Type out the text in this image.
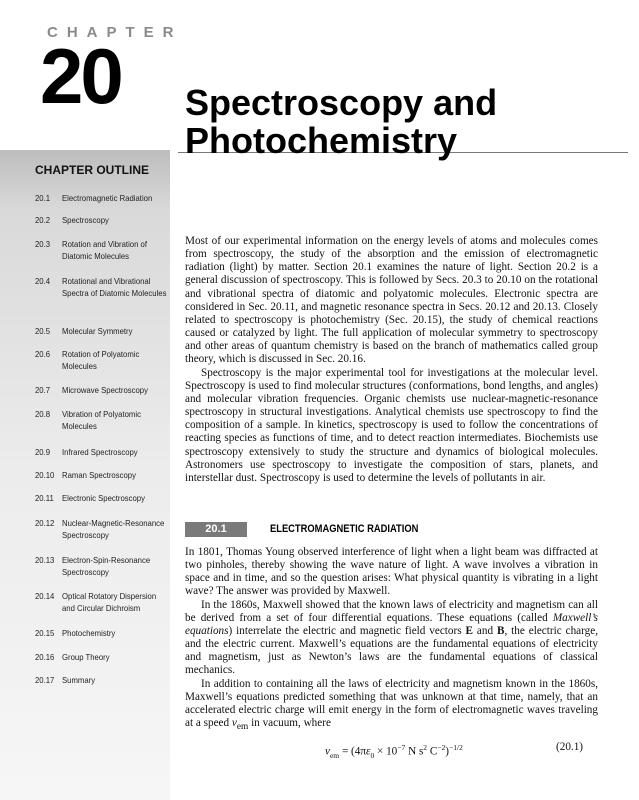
CHAPTER
20 Spectroscopy and
Photochemistry
CHAPTER OUTLINE
20.1 Electromagnetic Radiation
20.2 Spectroscopy
20.3 Rotation and Vibration of Diatomic Molecules
20.4 Rotational and Vibrational Spectra of Diatomic Molecules
20.5 Molecular Symmetry
20.6 Rotation of Polyatomic Molecules
20.7 Microwave Spectroscopy
20.8 Vibration of Polyatomic Molecules
20.9 Infrared Spectroscopy
20.10 Raman Spectroscopy
20.11 Electronic Spectroscopy
20.12 Nuclear-Magnetic-Resonance Spectroscopy
20.13 Electron-Spin-Resonance Spectroscopy
20.14 Optical Rotatory Dispersion and Circular Dichroism
20.15 Photochemistry
20.16 Group Theory
20.17 Summary

Most of our experimental information on the energy levels of atoms and molecules comes from spectroscopy, the study of the absorption and the emission of electromagnetic radiation (light) by matter. Section 20.1 examines the nature of light. Section 20.2 is a general discussion of spectroscopy. This is followed by Secs. 20.3 to 20.10 on the rotational and vibrational spectra of diatomic and polyatomic molecules. Electronic spectra are considered in Sec. 20.11, and magnetic resonance spectra in Secs. 20.12 and 20.13. Closely related to spectroscopy is photochemistry (Sec. 20.15), the study of chemical reactions caused or catalyzed by light. The full application of molecular symmetry to spectroscopy and other areas of quantum chemistry is based on the branch of mathematics called group theory, which is discussed in Sec. 20.16.

Spectroscopy is the major experimental tool for investigations at the molecular level. Spectroscopy is used to find molecular structures (conformations, bond lengths, and angles) and molecular vibration frequencies. Organic chemists use nuclear-magnetic-resonance spectroscopy in structural investigations. Analytical chemists use spectroscopy to find the composition of a sample. In kinetics, spectroscopy is used to follow the concentrations of reacting species as functions of time, and to detect reaction intermediates. Biochemists use spectroscopy extensively to study the structure and dynamics of biological molecules. Astronomers use spectroscopy to investigate the composition of stars, planets, and interstellar dust. Spectroscopy is used to determine the levels of pollutants in air.

20.1	ELECTROMAGNETIC RADIATION

In 1801, Thomas Young observed interference of light when a light beam was diffracted at two pinholes, thereby showing the wave nature of light. A wave involves a vibration in space and in time, and so the question arises: What physical quantity is vibrating in a light wave? The answer was provided by Maxwell.

In the 1860s, Maxwell showed that the known laws of electricity and magnetism can all be derived from a set of four differential equations. These equations (called Maxwell’s equations) interrelate the electric and magnetic field vectors E and B, the electric charge, and the electric current. Maxwell’s equations are the fundamental equations of electricity and magnetism, just as Newton’s laws are the fundamental equations of classical mechanics.

In addition to containing all the laws of electricity and magnetism known in the 1860s, Maxwell’s equations predicted something that was unknown at that time, namely, that an accelerated electric charge will emit energy in the form of electromagnetic waves traveling at a speed $v_{em}$ in vacuum, where

$v_{em} = (4\pi\varepsilon_0 \times 10^{-7}$ N $s^2$ $C^{-2})^{-1/2}$	(20.1)
